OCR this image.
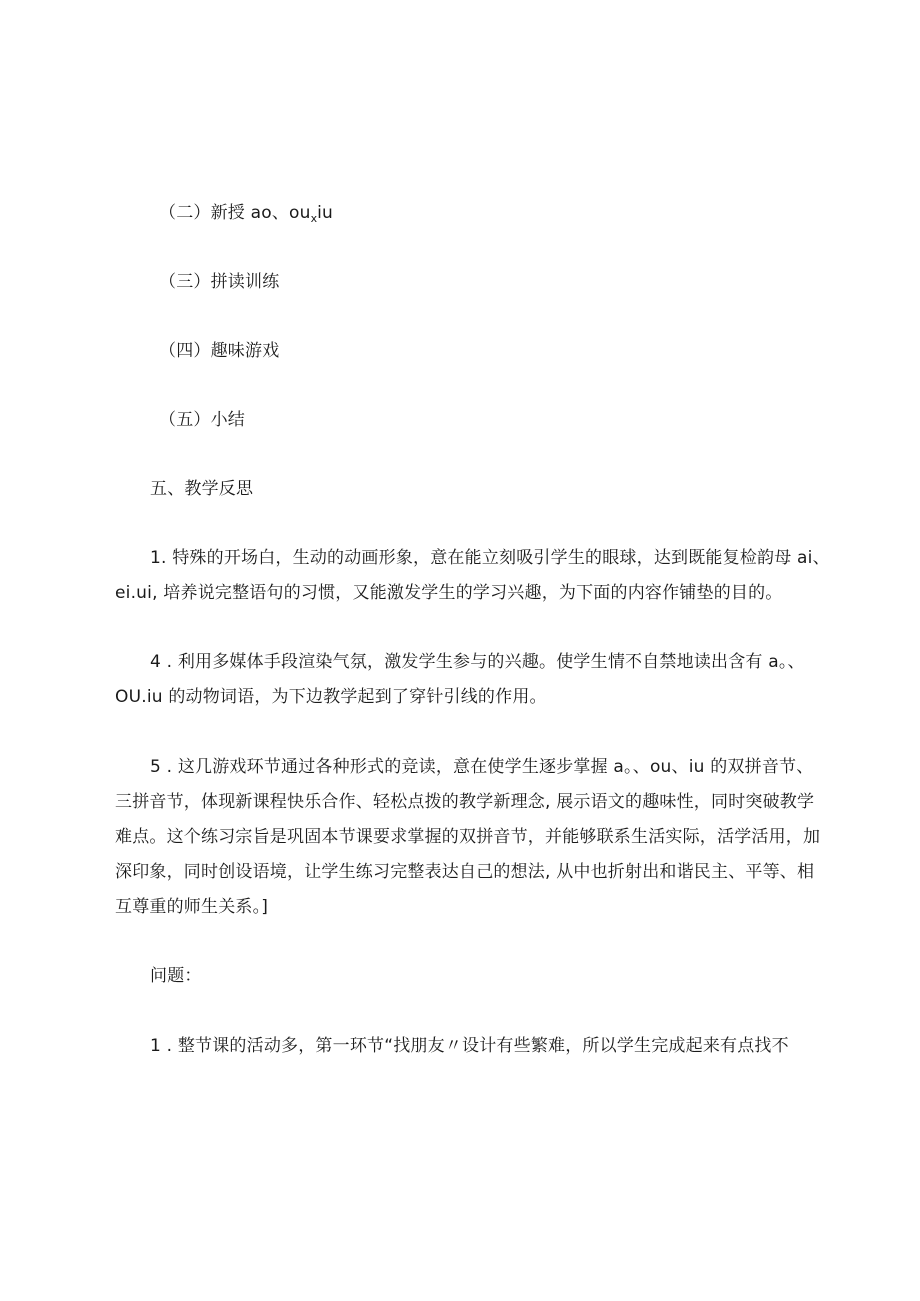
（二）新授 ao、$ou_xiu$
（三）拼读训练
（四）趣味游戏
（五）小结
五、教学反思
1. 特殊的开场白，生动的动画形象，意在能立刻吸引学生的眼球，达到既能复检韵母 ai、
ei.ui, 培养说完整语句的习惯，又能激发学生的学习兴趣，为下面的内容作铺垫的目的。
4 . 利用多媒体手段渲染气氛，激发学生参与的兴趣。使学生情不自禁地读出含有 a。、
OU.iu 的动物词语，为下边教学起到了穿针引线的作用。
5 . 这几游戏环节通过各种形式的竞读，意在使学生逐步掌握 a。、ou、iu 的双拼音节、
三拼音节，体现新课程快乐合作、轻松点拨的教学新理念, 展示语文的趣味性，同时突破教学
难点。这个练习宗旨是巩固本节课要求掌握的双拼音节，并能够联系生活实际，活学活用，加
深印象，同时创设语境，让学生练习完整表达自己的想法, 从中也折射出和谐民主、平等、相
互尊重的师生关系。]
问题：
1 . 整节课的活动多，第一环节“找朋友〃设计有些繁难，所以学生完成起来有点找不
